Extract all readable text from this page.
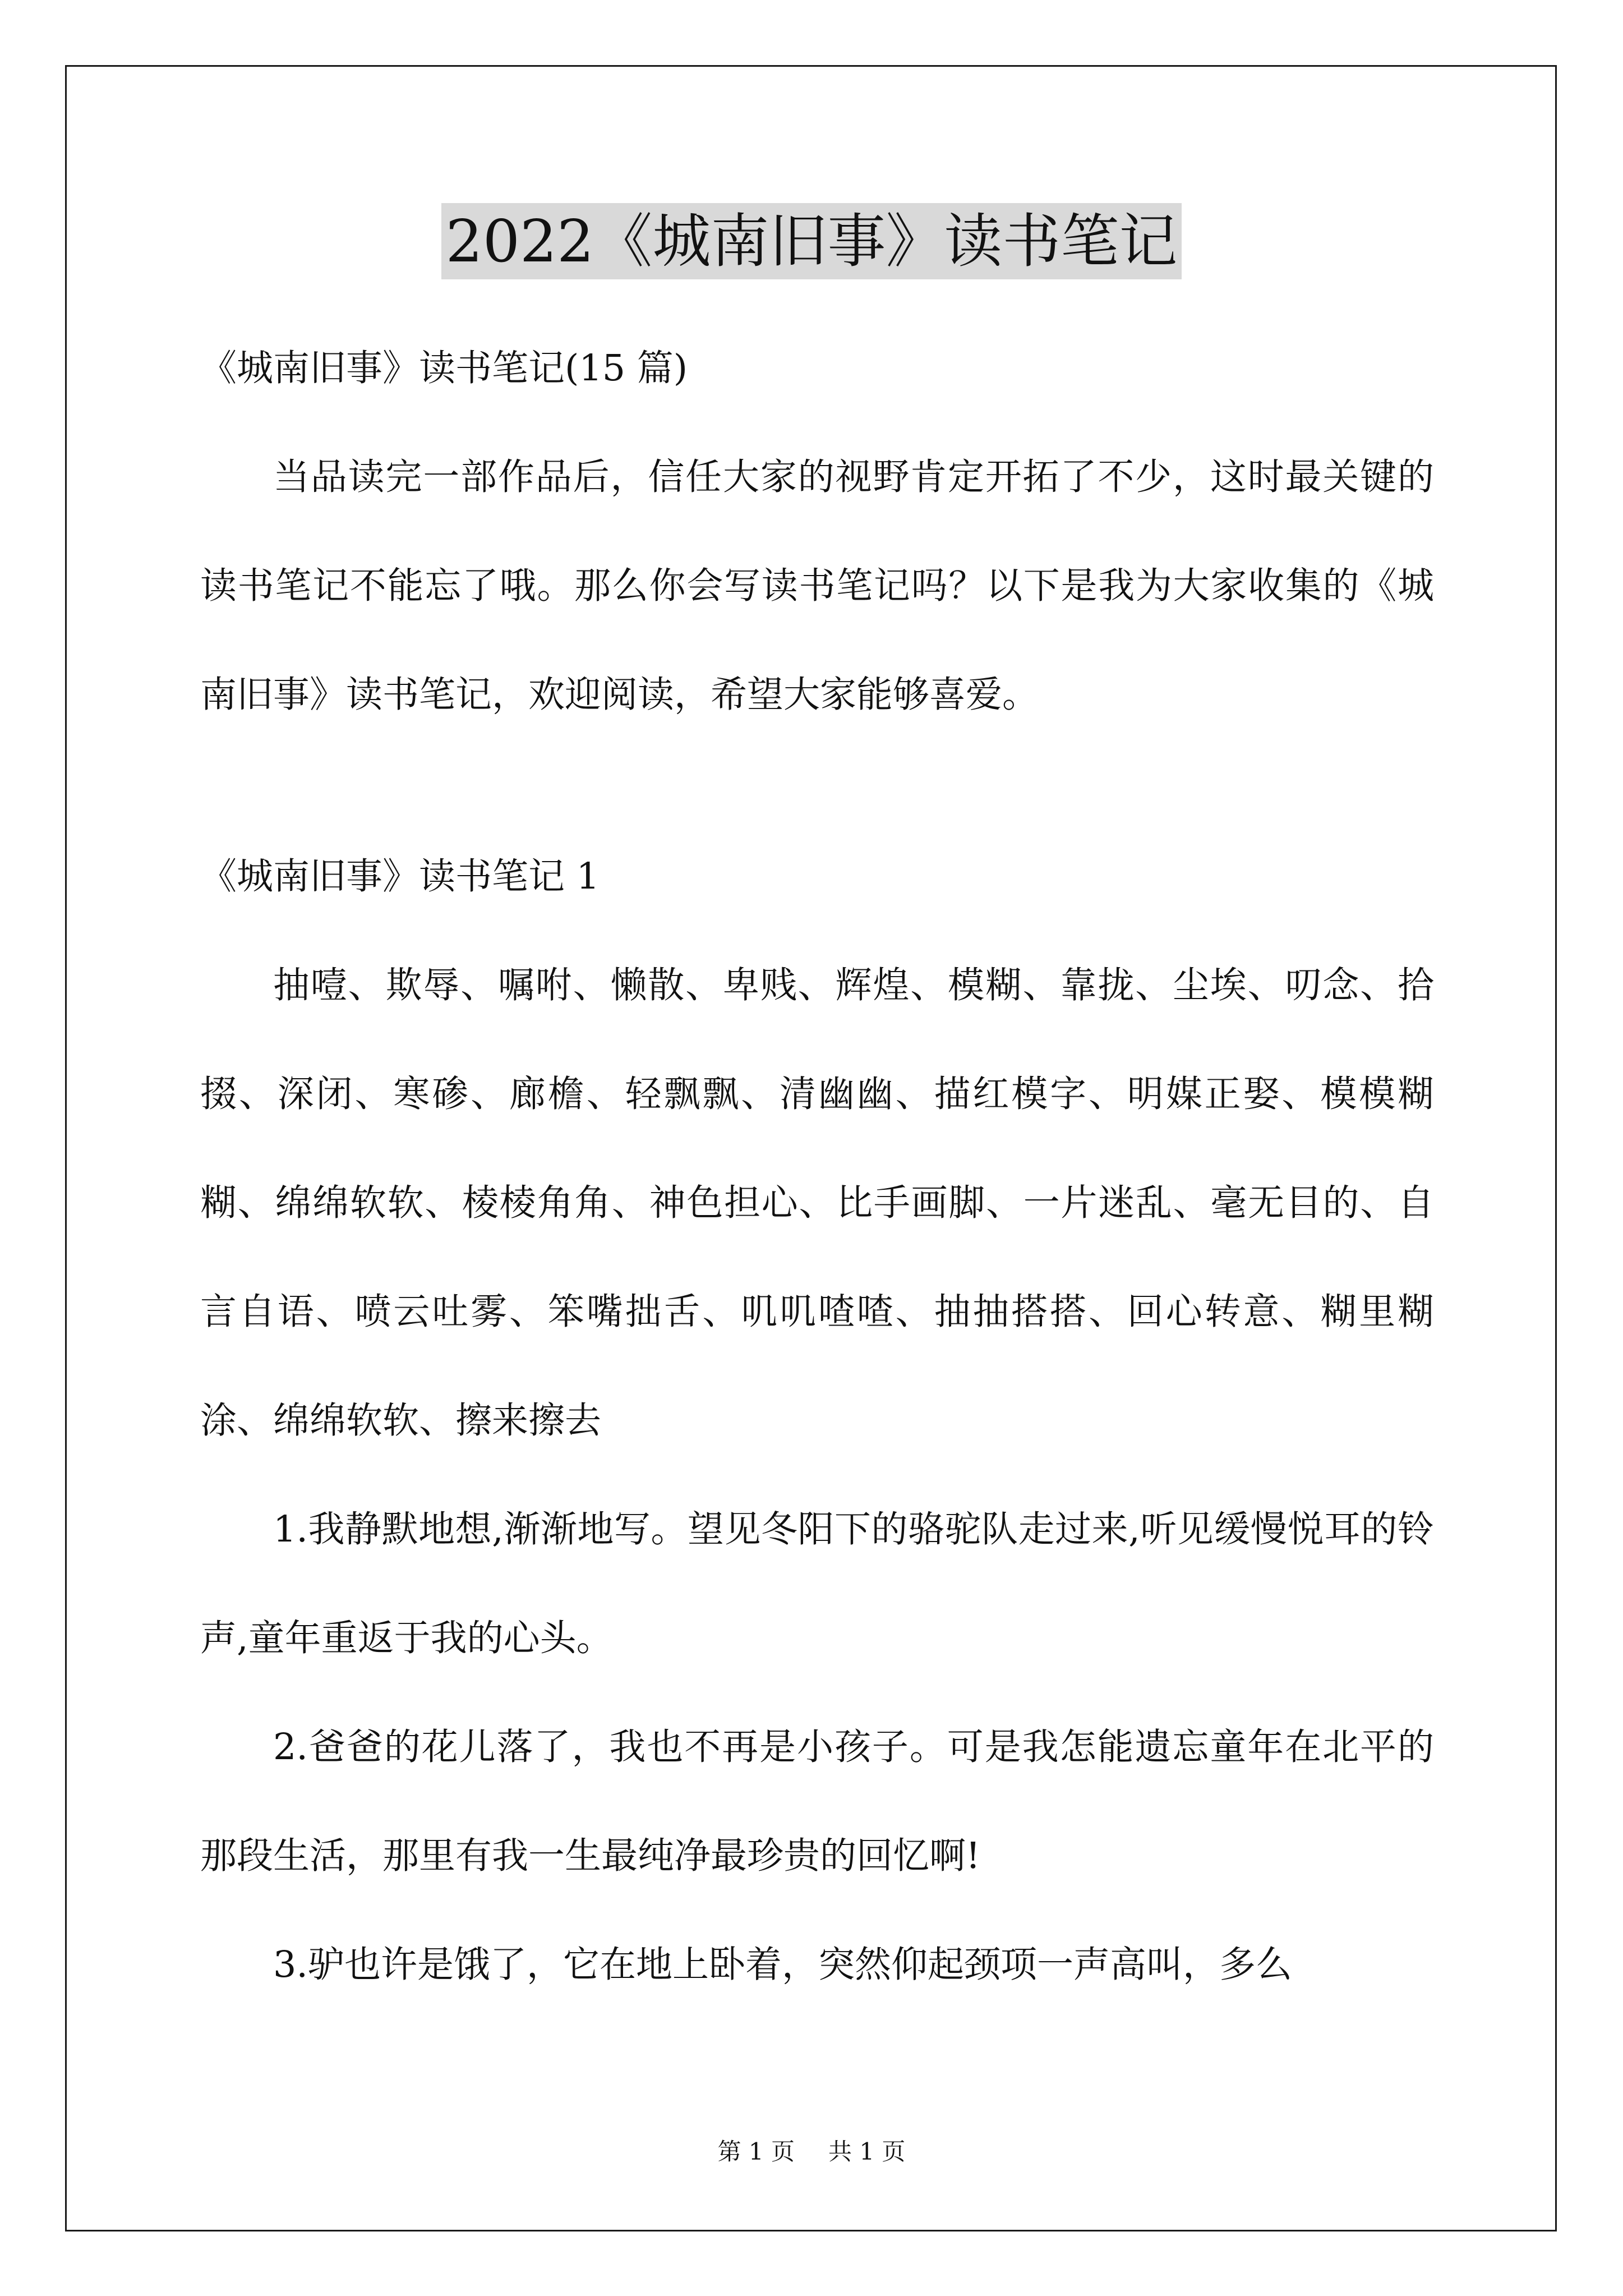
2022《城南旧事》读书笔记

《城南旧事》读书笔记(15 篇)

当品读完一部作品后，信任大家的视野肯定开拓了不少，这时最关键的读书笔记不能忘了哦。那么你会写读书笔记吗？以下是我为大家收集的《城南旧事》读书笔记，欢迎阅读，希望大家能够喜爱。

《城南旧事》读书笔记 1

抽噎、欺辱、嘱咐、懒散、卑贱、辉煌、模糊、靠拢、尘埃、叨念、拾掇、深闭、寒碜、廊檐、轻飘飘、清幽幽、描红模字、明媒正娶、模模糊糊、绵绵软软、棱棱角角、神色担心、比手画脚、一片迷乱、毫无目的、自言自语、喷云吐雾、笨嘴拙舌、叽叽喳喳、抽抽搭搭、回心转意、糊里糊涂、绵绵软软、擦来擦去

1.我静默地想,渐渐地写。望见冬阳下的骆驼队走过来,听见缓慢悦耳的铃声,童年重返于我的心头。

2.爸爸的花儿落了，我也不再是小孩子。可是我怎能遗忘童年在北平的那段生活，那里有我一生最纯净最珍贵的回忆啊!

3.驴也许是饿了，它在地上卧着，突然仰起颈项一声高叫，多么

第 1 页 共 1 页
